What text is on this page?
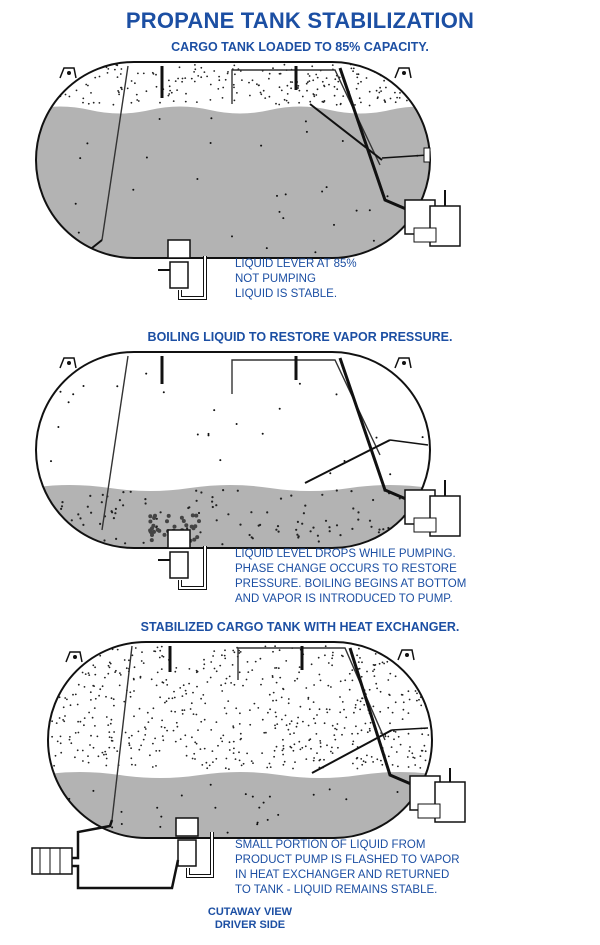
PROPANE TANK STABILIZATION
CARGO TANK LOADED TO 85% CAPACITY.
BOILING LIQUID TO RESTORE VAPOR PRESSURE.
STABILIZED CARGO TANK WITH HEAT EXCHANGER.
LIQUID LEVER AT 85%
NOT PUMPING
LIQUID IS STABLE.
LIQUID LEVEL DROPS WHILE PUMPING.
PHASE CHANGE OCCURS TO RESTORE
PRESSURE. BOILING BEGINS AT BOTTOM
AND VAPOR IS INTRODUCED TO PUMP.
SMALL PORTION OF LIQUID FROM
PRODUCT PUMP IS FLASHED TO VAPOR
IN HEAT EXCHANGER AND RETURNED
TO TANK - LIQUID REMAINS STABLE.
CUTAWAY VIEW
DRIVER SIDE
